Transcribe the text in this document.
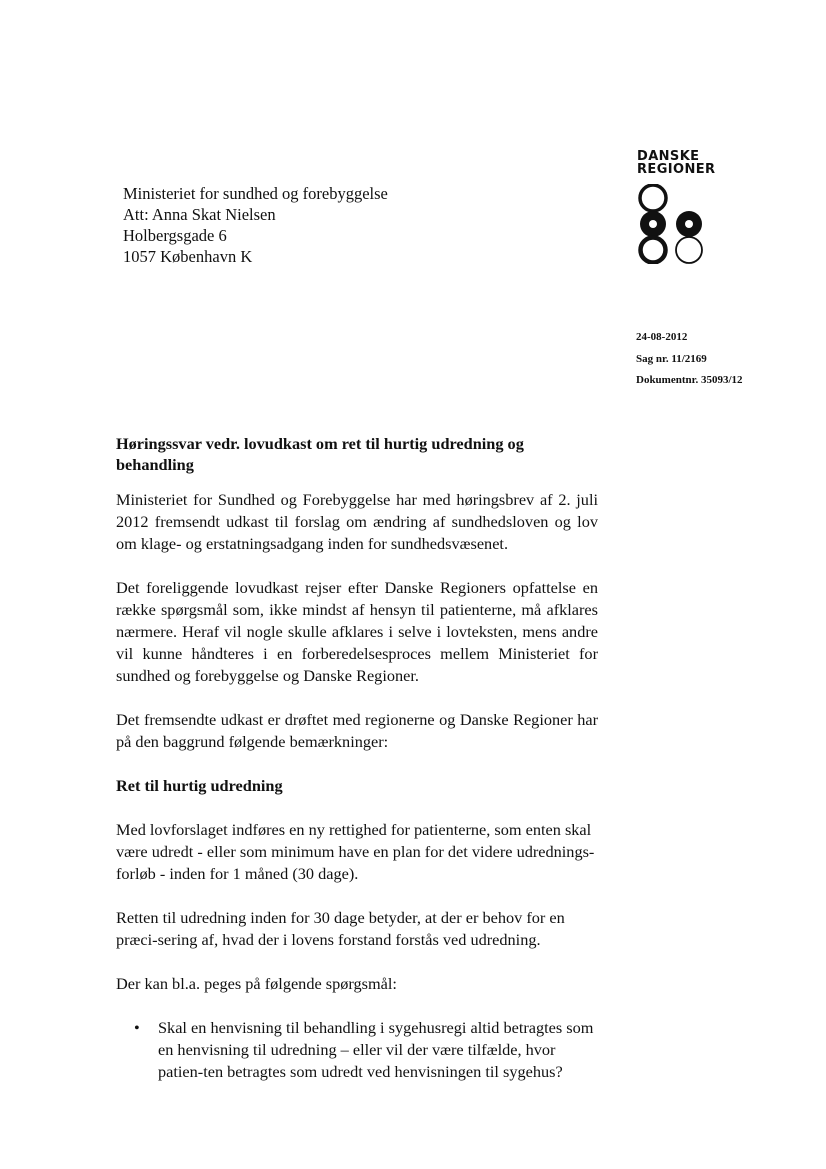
DANSKE
REGIONER
Ministeriet for sundhed og forebyggelse
Att: Anna Skat Nielsen
Holbergsgade 6
1057 København K
24-08-2012
Sag nr. 11/2169
Dokumentnr. 35093/12
Høringssvar vedr. lovudkast om ret til hurtig udredning og behandling

Ministeriet for Sundhed og Forebyggelse har med høringsbrev af 2. juli 2012 fremsendt udkast til forslag om ændring af sundhedsloven og lov om klage- og erstatningsadgang inden for sundhedsvæsenet.

Det foreliggende lovudkast rejser efter Danske Regioners opfattelse en række spørgsmål som, ikke mindst af hensyn til patienterne, må afklares nærmere. Heraf vil nogle skulle afklares i selve i lovteksten, mens andre vil kunne håndteres i en forberedelsesproces mellem Ministeriet for sundhed og forebyggelse og Danske Regioner.

Det fremsendte udkast er drøftet med regionerne og Danske Regioner har på den baggrund følgende bemærkninger:

Ret til hurtig udredning

Med lovforslaget indføres en ny rettighed for patienterne, som enten skal være udredt - eller som minimum have en plan for det videre udrednings-forløb - inden for 1 måned (30 dage).

Retten til udredning inden for 30 dage betyder, at der er behov for en præci-sering af, hvad der i lovens forstand forstås ved udredning.

Der kan bl.a. peges på følgende spørgsmål:

• Skal en henvisning til behandling i sygehusregi altid betragtes som en henvisning til udredning – eller vil der være tilfælde, hvor patien-ten betragtes som udredt ved henvisningen til sygehus?
